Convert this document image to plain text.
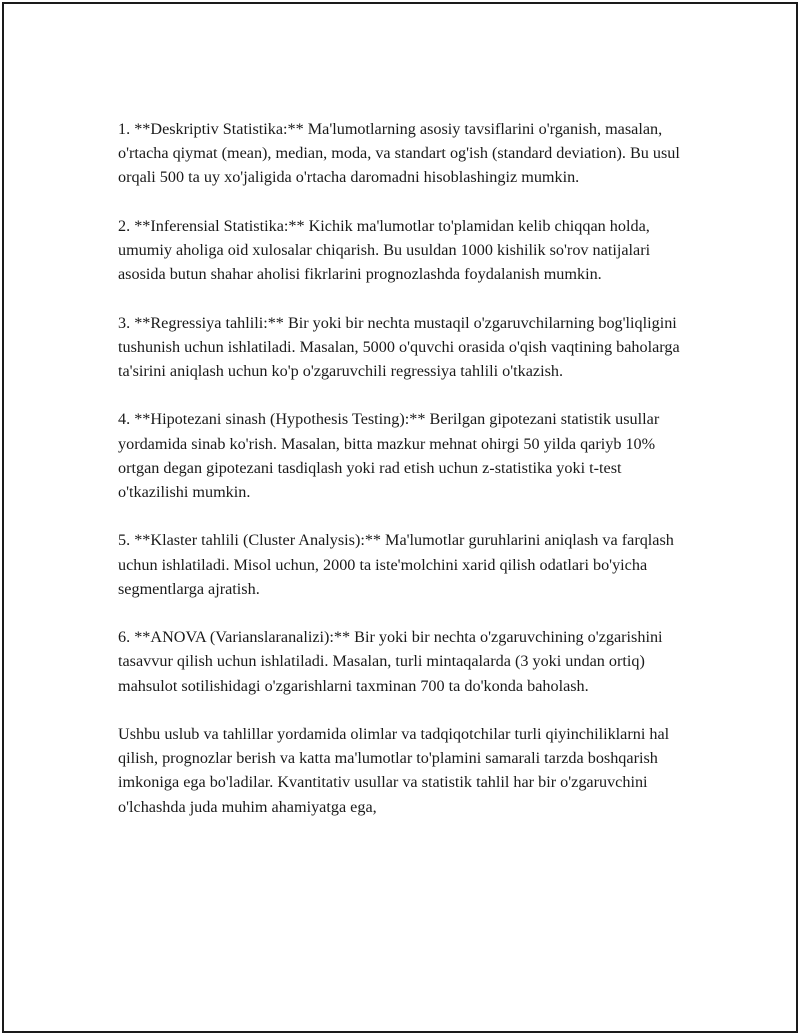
1. **Deskriptiv Statistika:** Ma'lumotlarning asosiy tavsiflarini o'rganish, masalan, o'rtacha qiymat (mean), median, moda, va standart og'ish (standard deviation). Bu usul orqali 500 ta uy xo'jaligida o'rtacha daromadni hisoblashingiz mumkin.

2. **Inferensial Statistika:** Kichik ma'lumotlar to'plamidan kelib chiqqan holda, umumiy aholiga oid xulosalar chiqarish. Bu usuldan 1000 kishilik so'rov natijalari asosida butun shahar aholisi fikrlarini prognozlashda foydalanish mumkin.

3. **Regressiya tahlili:** Bir yoki bir nechta mustaqil o'zgaruvchilarning bog'liqligini tushunish uchun ishlatiladi. Masalan, 5000 o'quvchi orasida o'qish vaqtining baholarga ta'sirini aniqlash uchun ko'p o'zgaruvchili regressiya tahlili o'tkazish.

4. **Hipotezani sinash (Hypothesis Testing):** Berilgan gipotezani statistik usullar yordamida sinab ko'rish. Masalan, bitta mazkur mehnat ohirgi 50 yilda qariyb 10% ortgan degan gipotezani tasdiqlash yoki rad etish uchun z-statistika yoki t-test o'tkazilishi mumkin.

5. **Klaster tahlili (Cluster Analysis):** Ma'lumotlar guruhlarini aniqlash va farqlash uchun ishlatiladi. Misol uchun, 2000 ta iste'molchini xarid qilish odatlari bo'yicha segmentlarga ajratish.

6. **ANOVA (Varianslaranalizi):** Bir yoki bir nechta o'zgaruvchining o'zgarishini tasavvur qilish uchun ishlatiladi. Masalan, turli mintaqalarda (3 yoki undan ortiq) mahsulot sotilishidagi o'zgarishlarni taxminan 700 ta do'konda baholash.

Ushbu uslub va tahlillar yordamida olimlar va tadqiqotchilar turli qiyinchiliklarni hal qilish, prognozlar berish va katta ma'lumotlar to'plamini samarali tarzda boshqarish imkoniga ega bo'ladilar. Kvantitativ usullar va statistik tahlil har bir o'zgaruvchini o'lchashda juda muhim ahamiyatga ega,
